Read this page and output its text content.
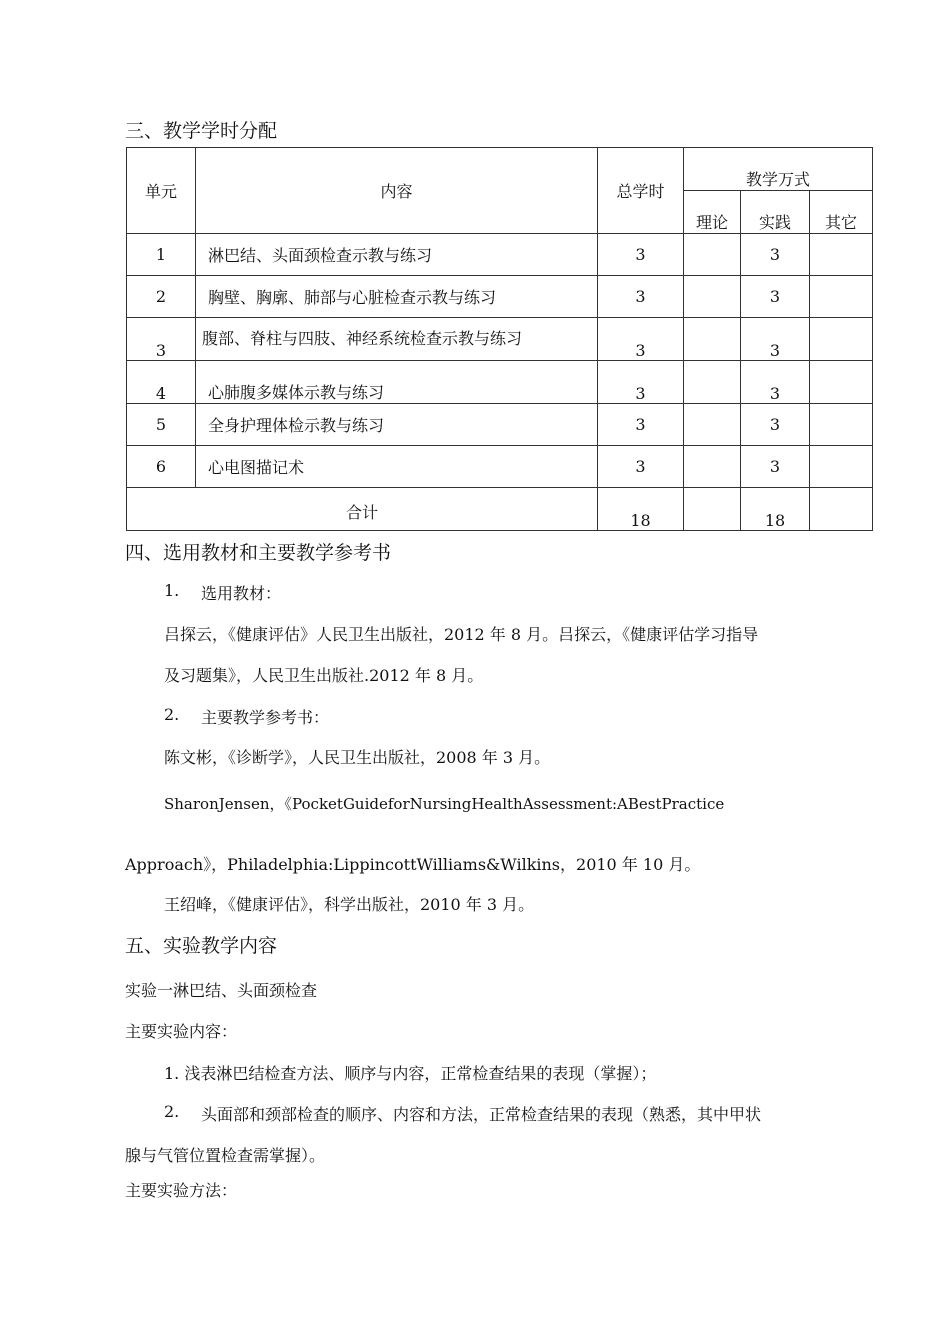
三、教学学时分配
单元	内容	总学时	教学万式		
			理论	实践	其它
1	淋巴结、头面颈检查示教与练习	3		3	
2	胸壁、胸廓、肺部与心脏检查示教与练习	3		3	
3	腹部、脊柱与四肢、神经系统检查示教与练习	3		3	
4	心肺腹多媒体示教与练习	3		3	
5	全身护理体检示教与练习	3		3	
6	心电图描记术	3		3	
合计		18		18	
四、选用教材和主要教学参考书
1. 选用教材：
吕探云，《健康评估》人民卫生出版社，2012 年 8 月。吕探云，《健康评估学习指导
及习题集》，人民卫生出版社.2012 年 8 月。
2. 主要教学参考书：
陈文彬，《诊断学》，人民卫生出版社，2008 年 3 月。
SharonJensen，《PocketGuideforNursingHealthAssessment:ABestPractice
Approach》，Philadelphia:LippincottWilliams&Wilkins，2010 年 10 月。
王绍峰，《健康评估》，科学出版社，2010 年 3 月。
五、实验教学内容
实验一淋巴结、头面颈检查
主要实验内容：
1. 浅表淋巴结检查方法、顺序与内容，正常检查结果的表现（掌握）；
2. 头面部和颈部检查的顺序、内容和方法，正常检查结果的表现（熟悉，其中甲状
腺与气管位置检查需掌握）。
主要实验方法：
